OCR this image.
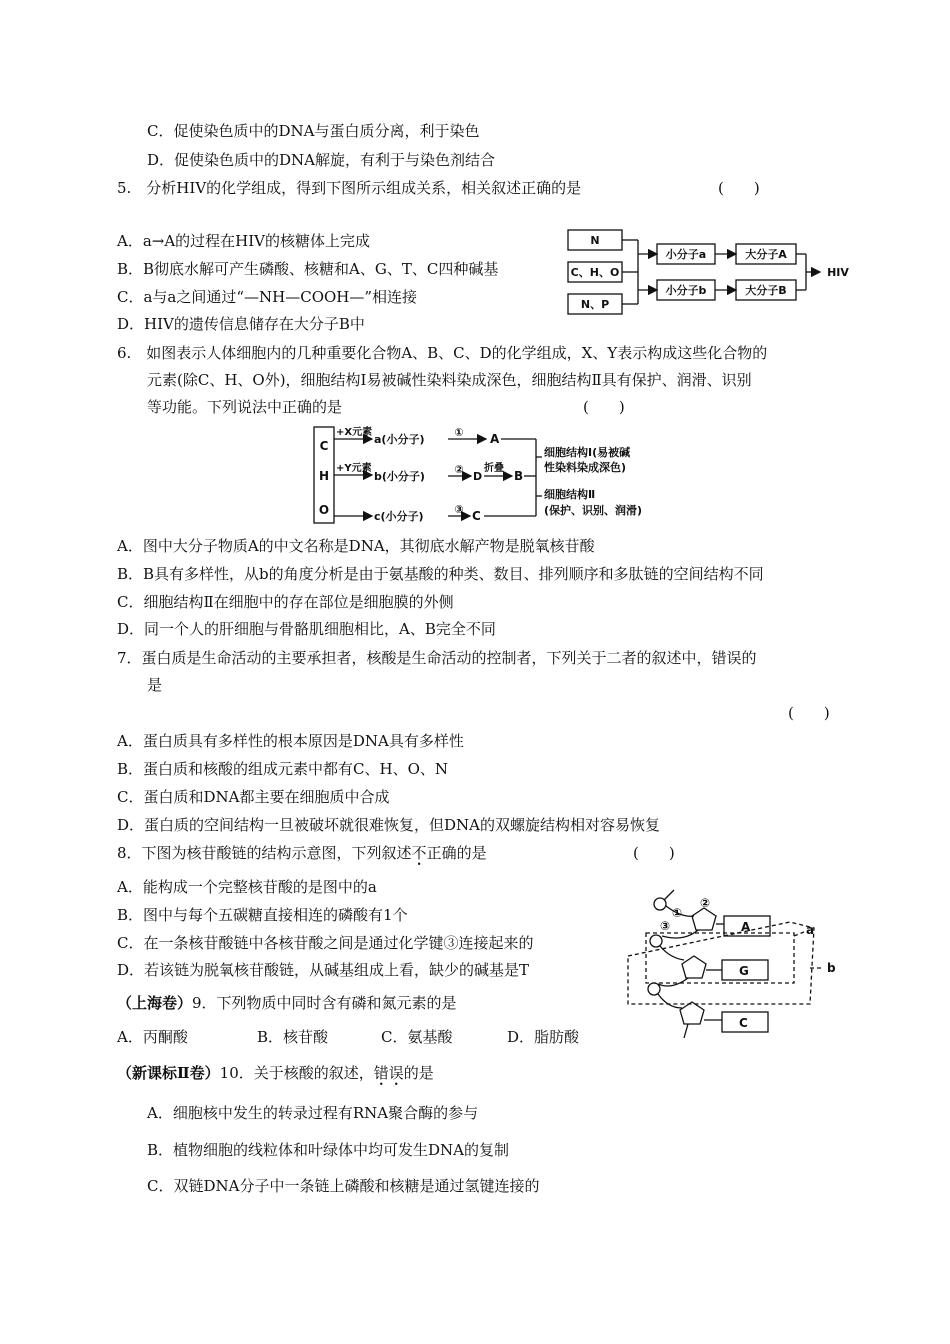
C．促使染色质中的DNA与蛋白质分离，利于染色
D．促使染色质中的DNA解旋，有利于与染色剂结合
5.　分析HIV的化学组成，得到下图所示组成关系，相关叙述正确的是	(　　)
A．a→A的过程在HIV的核糖体上完成
B．B彻底水解可产生磷酸、核糖和A、G、T、C四种碱基
C．a与a之间通过“—NH—COOH—”相连接
D．HIV的遗传信息储存在大分子B中
N
C、H、O
N、P
小分子a
小分子b
大分子A
大分子B
HIV
6.　如图表示人体细胞内的几种重要化合物A、B、C、D的化学组成，X、Y表示构成这些化合物的
元素(除C、H、O外)，细胞结构Ⅰ易被碱性染料染成深色，细胞结构Ⅱ具有保护、润滑、识别
等功能。下列说法中正确的是	(　　)
C
H
O
+X元素
+Y元素
a(小分子)
b(小分子)
c(小分子)
①
②
③
A
D
折叠
B
C
细胞结构Ⅰ(易被碱
性染料染成深色)
细胞结构Ⅱ
(保护、识别、润滑)
A．图中大分子物质A的中文名称是DNA，其彻底水解产物是脱氧核苷酸
B．B具有多样性，从b的角度分析是由于氨基酸的种类、数目、排列顺序和多肽链的空间结构不同
C．细胞结构Ⅱ在细胞中的存在部位是细胞膜的外侧
D．同一个人的肝细胞与骨骼肌细胞相比，A、B完全不同
7．蛋白质是生命活动的主要承担者，核酸是生命活动的控制者，下列关于二者的叙述中，错误的
是
(　　)
A．蛋白质具有多样性的根本原因是DNA具有多样性
B．蛋白质和核酸的组成元素中都有C、H、O、N
C．蛋白质和DNA都主要在细胞质中合成
D．蛋白质的空间结构一旦被破坏就很难恢复，但DNA的双螺旋结构相对容易恢复
8．下图为核苷酸链的结构示意图，下列叙述不正确的是	(　　)
A．能构成一个完整核苷酸的是图中的a
B．图中与每个五碳糖直接相连的磷酸有1个
C．在一条核苷酸链中各核苷酸之间是通过化学键③连接起来的
D．若该链为脱氧核苷酸链，从碱基组成上看，缺少的碱基是T
①
②
③	A
G
C
a
b
（上海卷）9．下列物质中同时含有磷和氮元素的是
A．丙酮酸	B．核苷酸	C．氨基酸	D．脂肪酸
（新课标Ⅱ卷）10．关于核酸的叙述，错误的是
A．细胞核中发生的转录过程有RNA聚合酶的参与
B．植物细胞的线粒体和叶绿体中均可发生DNA的复制
C．双链DNA分子中一条链上磷酸和核糖是通过氢键连接的
